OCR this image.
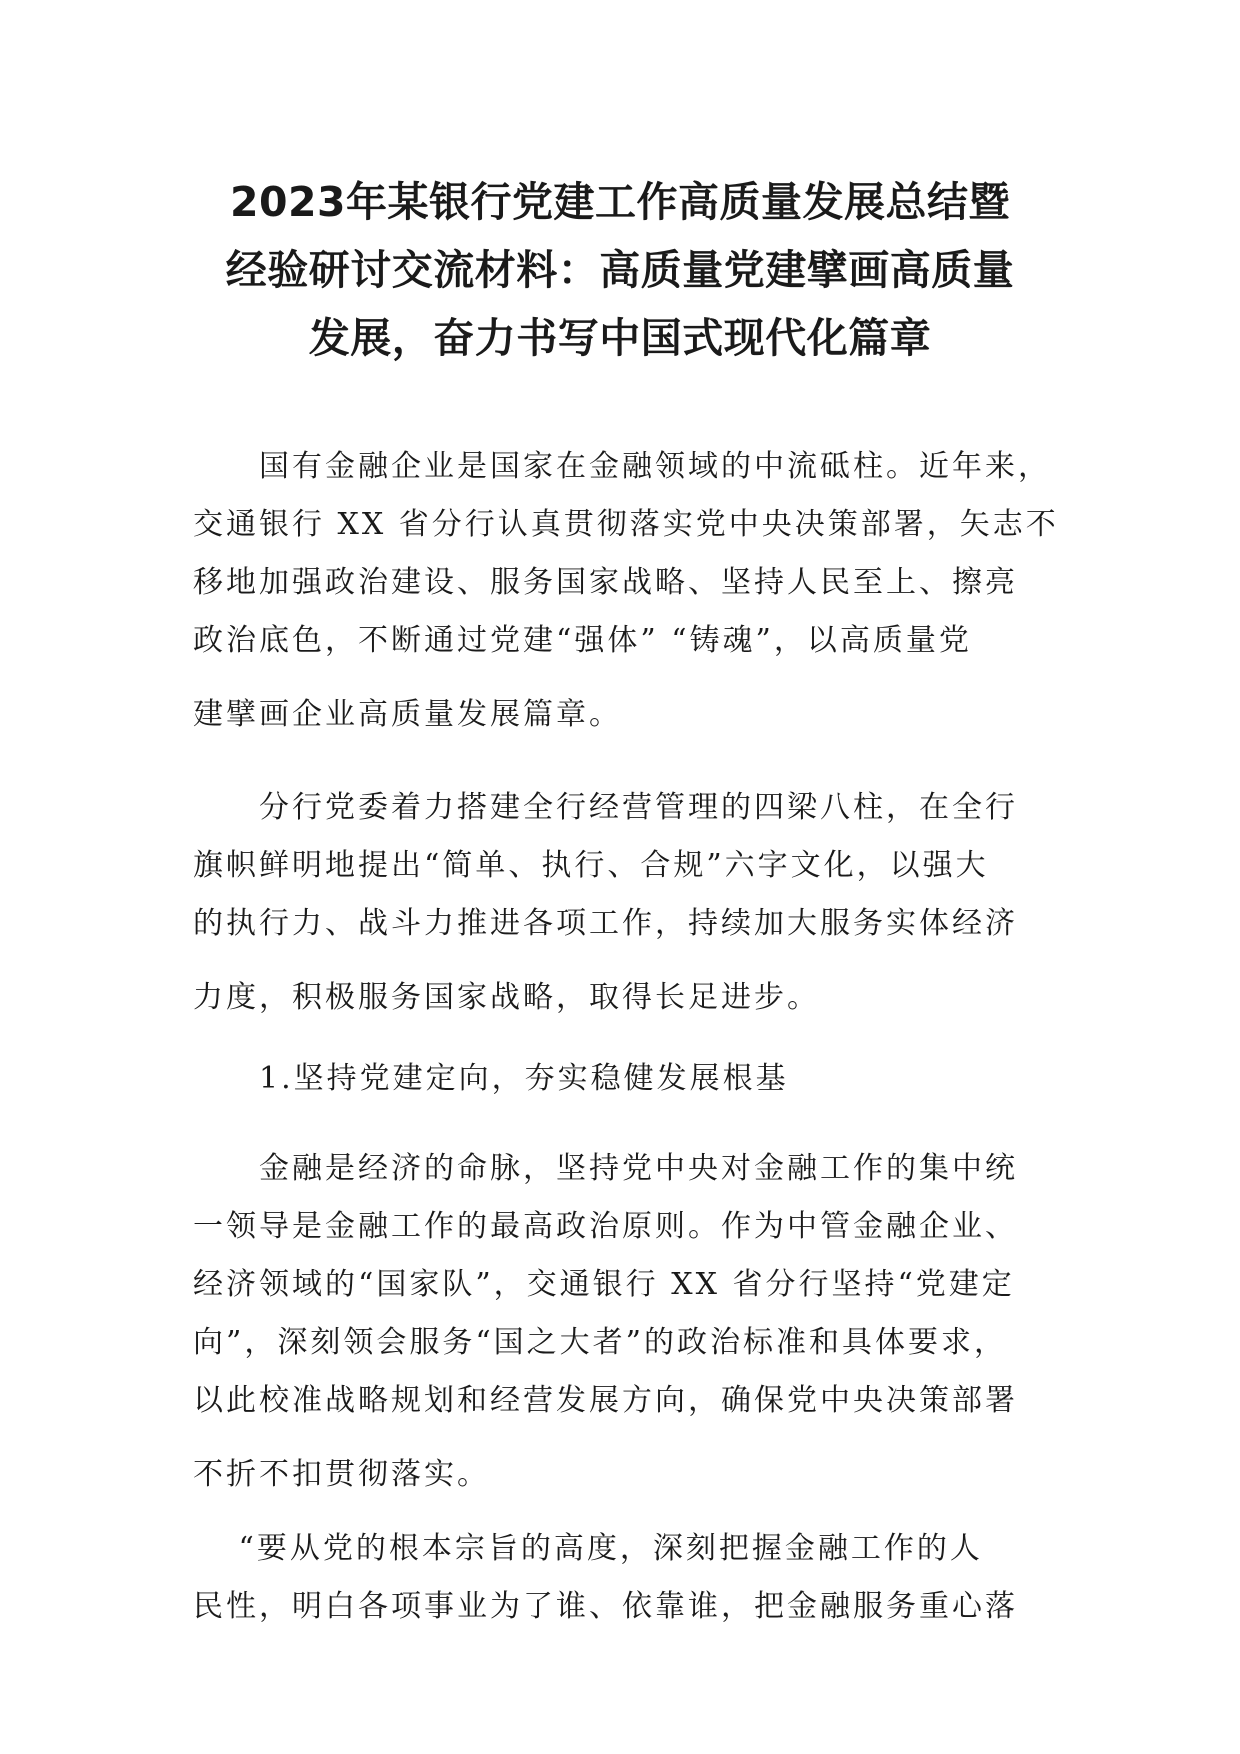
2023年某银行党建工作高质量发展总结暨
经验研讨交流材料：高质量党建擘画高质量
发展，奋力书写中国式现代化篇章
　　国有金融企业是国家在金融领域的中流砥柱。近年来，
交通银行 XX 省分行认真贯彻落实党中央决策部署，矢志不
移地加强政治建设、服务国家战略、坚持人民至上、擦亮
政治底色，不断通过党建“强体” “铸魂”，以高质量党
建擘画企业高质量发展篇章。
　　分行党委着力搭建全行经营管理的四梁八柱，在全行
旗帜鲜明地提出“简单、执行、合规”六字文化，以强大
的执行力、战斗力推进各项工作，持续加大服务实体经济
力度，积极服务国家战略，取得长足进步。
　　1.坚持党建定向，夯实稳健发展根基
　　金融是经济的命脉，坚持党中央对金融工作的集中统
一领导是金融工作的最高政治原则。作为中管金融企业、
经济领域的“国家队”，交通银行 XX 省分行坚持“党建定
向”，深刻领会服务“国之大者”的政治标准和具体要求，
以此校准战略规划和经营发展方向，确保党中央决策部署
不折不扣贯彻落实。
　 “要从党的根本宗旨的高度，深刻把握金融工作的人
民性，明白各项事业为了谁、依靠谁，把金融服务重心落
